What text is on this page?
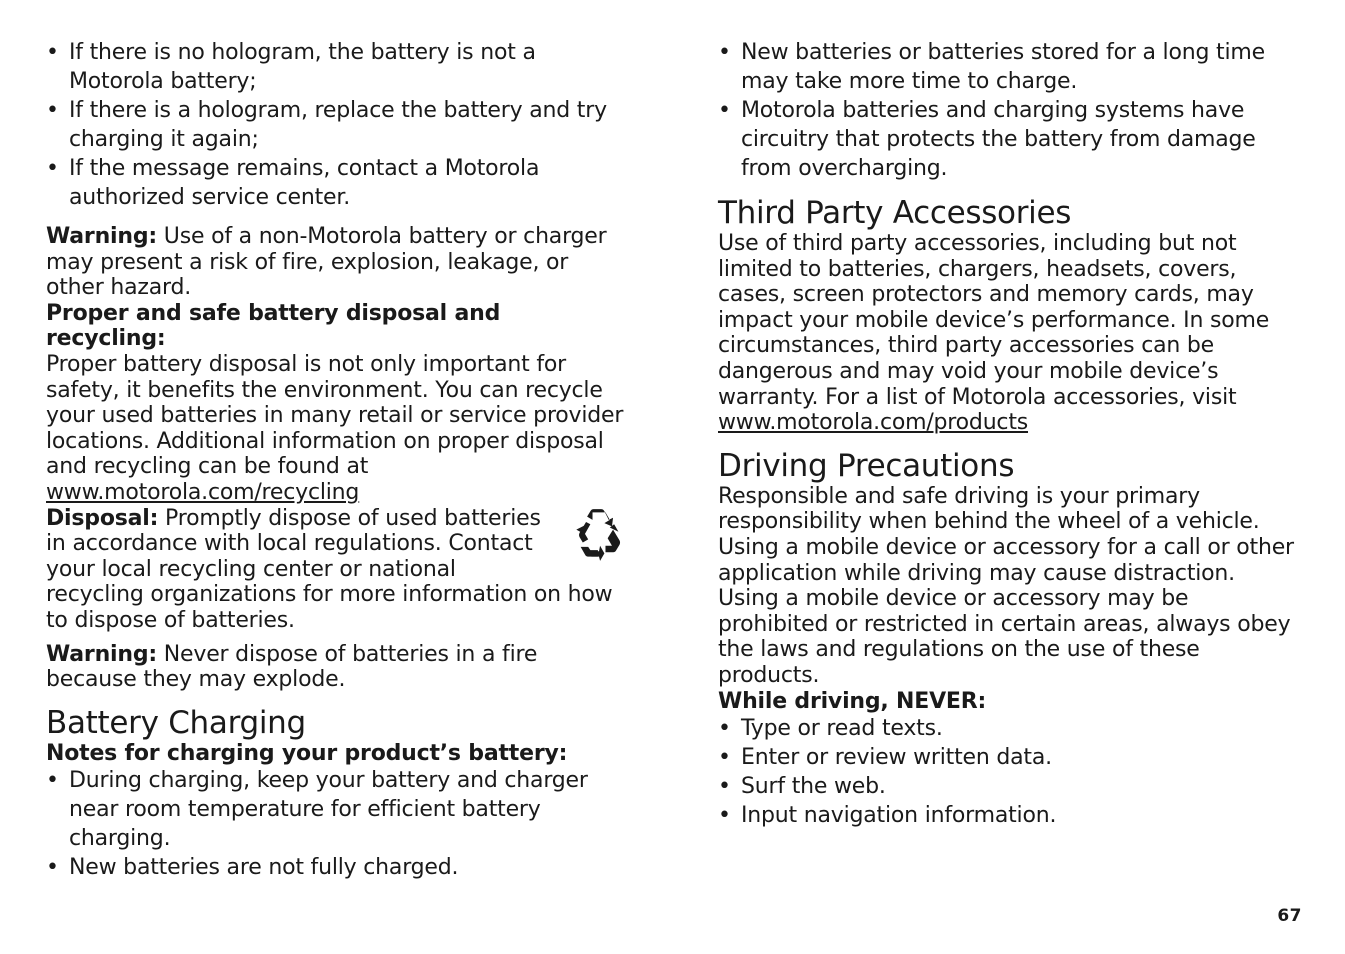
• If there is no hologram, the battery is not a Motorola battery;
• If there is a hologram, replace the battery and try charging it again;
• If the message remains, contact a Motorola authorized service center.

Warning: Use of a non-Motorola battery or charger may present a risk of fire, explosion, leakage, or other hazard.

Proper and safe battery disposal and recycling:

Proper battery disposal is not only important for safety, it benefits the environment. You can recycle your used batteries in many retail or service provider locations. Additional information on proper disposal and recycling can be found at

www.motorola.com/recycling

Disposal: Promptly dispose of used batteries
in accordance with local regulations. Contact
your local recycling center or national
recycling organizations for more information on how to dispose of batteries.

Warning: Never dispose of batteries in a fire because they may explode.

Battery Charging

Notes for charging your product’s battery:

• During charging, keep your battery and charger near room temperature for efficient battery charging.
• New batteries are not fully charged.
• New batteries or batteries stored for a long time may take more time to charge.
• Motorola batteries and charging systems have circuitry that protects the battery from damage from overcharging.
Third Party Accessories

Use of third party accessories, including but not limited to batteries, chargers, headsets, covers, cases, screen protectors and memory cards, may impact your mobile device’s performance. In some circumstances, third party accessories can be dangerous and may void your mobile device’s warranty. For a list of Motorola accessories, visit

www.motorola.com/products

Driving Precautions

Responsible and safe driving is your primary responsibility when behind the wheel of a vehicle. Using a mobile device or accessory for a call or other application while driving may cause distraction. Using a mobile device or accessory may be prohibited or restricted in certain areas, always obey the laws and regulations on the use of these products.

While driving, NEVER:

• Type or read texts.
• Enter or review written data.
• Surf the web.
• Input navigation information.
67
